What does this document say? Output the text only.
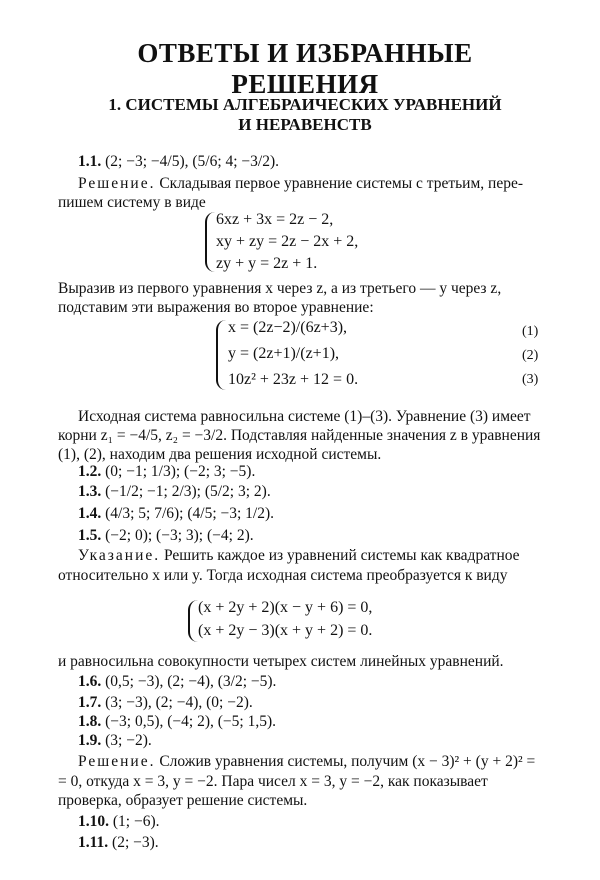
ОТВЕТЫ И ИЗБРАННЫЕ РЕШЕНИЯ
1. СИСТЕМЫ АЛГЕБРАИЧЕСКИХ УРАВНЕНИЙ
И НЕРАВЕНСТВ
1.1. (2; −3; −4/5), (5/6; 4; −3/2).
Решение. Складывая первое уравнение системы с третьим, пере-
пишем систему в виде
6xz + 3x = 2z − 2,
xy + zy = 2z − 2x + 2,
zy + y = 2z + 1.
Выразив из первого уравнения x через z, а из третьего — y через z,
подставим эти выражения во второе уравнение:
x = (2z−2)/(6z+3),
y = (2z+1)/(z+1),
10z² + 23z + 12 = 0.
(1)
(2)
(3)
Исходная система равносильна системе (1)–(3). Уравнение (3) имеет
корни z₁ = −4/5, z₂ = −3/2. Подставляя найденные значения z в уравнения
(1), (2), находим два решения исходной системы.
1.2. (0; −1; 1/3); (−2; 3; −5).
1.3. (−1/2; −1; 2/3); (5/2; 3; 2).
1.4. (4/3; 5; 7/6); (4/5; −3; 1/2).
1.5. (−2; 0); (−3; 3); (−4; 2).
Указание. Решить каждое из уравнений системы как квадратное
относительно x или y. Тогда исходная система преобразуется к виду
(x + 2y + 2)(x − y + 6) = 0,
(x + 2y − 3)(x + y + 2) = 0.
и равносильна совокупности четырех систем линейных уравнений.
1.6. (0,5; −3), (2; −4), (3/2; −5).
1.7. (3; −3), (2; −4), (0; −2).
1.8. (−3; 0,5), (−4; 2), (−5; 1,5).
1.9. (3; −2).
Решение. Сложив уравнения системы, получим (x − 3)² + (y + 2)² =
= 0, откуда x = 3, y = −2. Пара чисел x = 3, y = −2, как показывает
проверка, образует решение системы.
1.10. (1; −6).
1.11. (2; −3).
